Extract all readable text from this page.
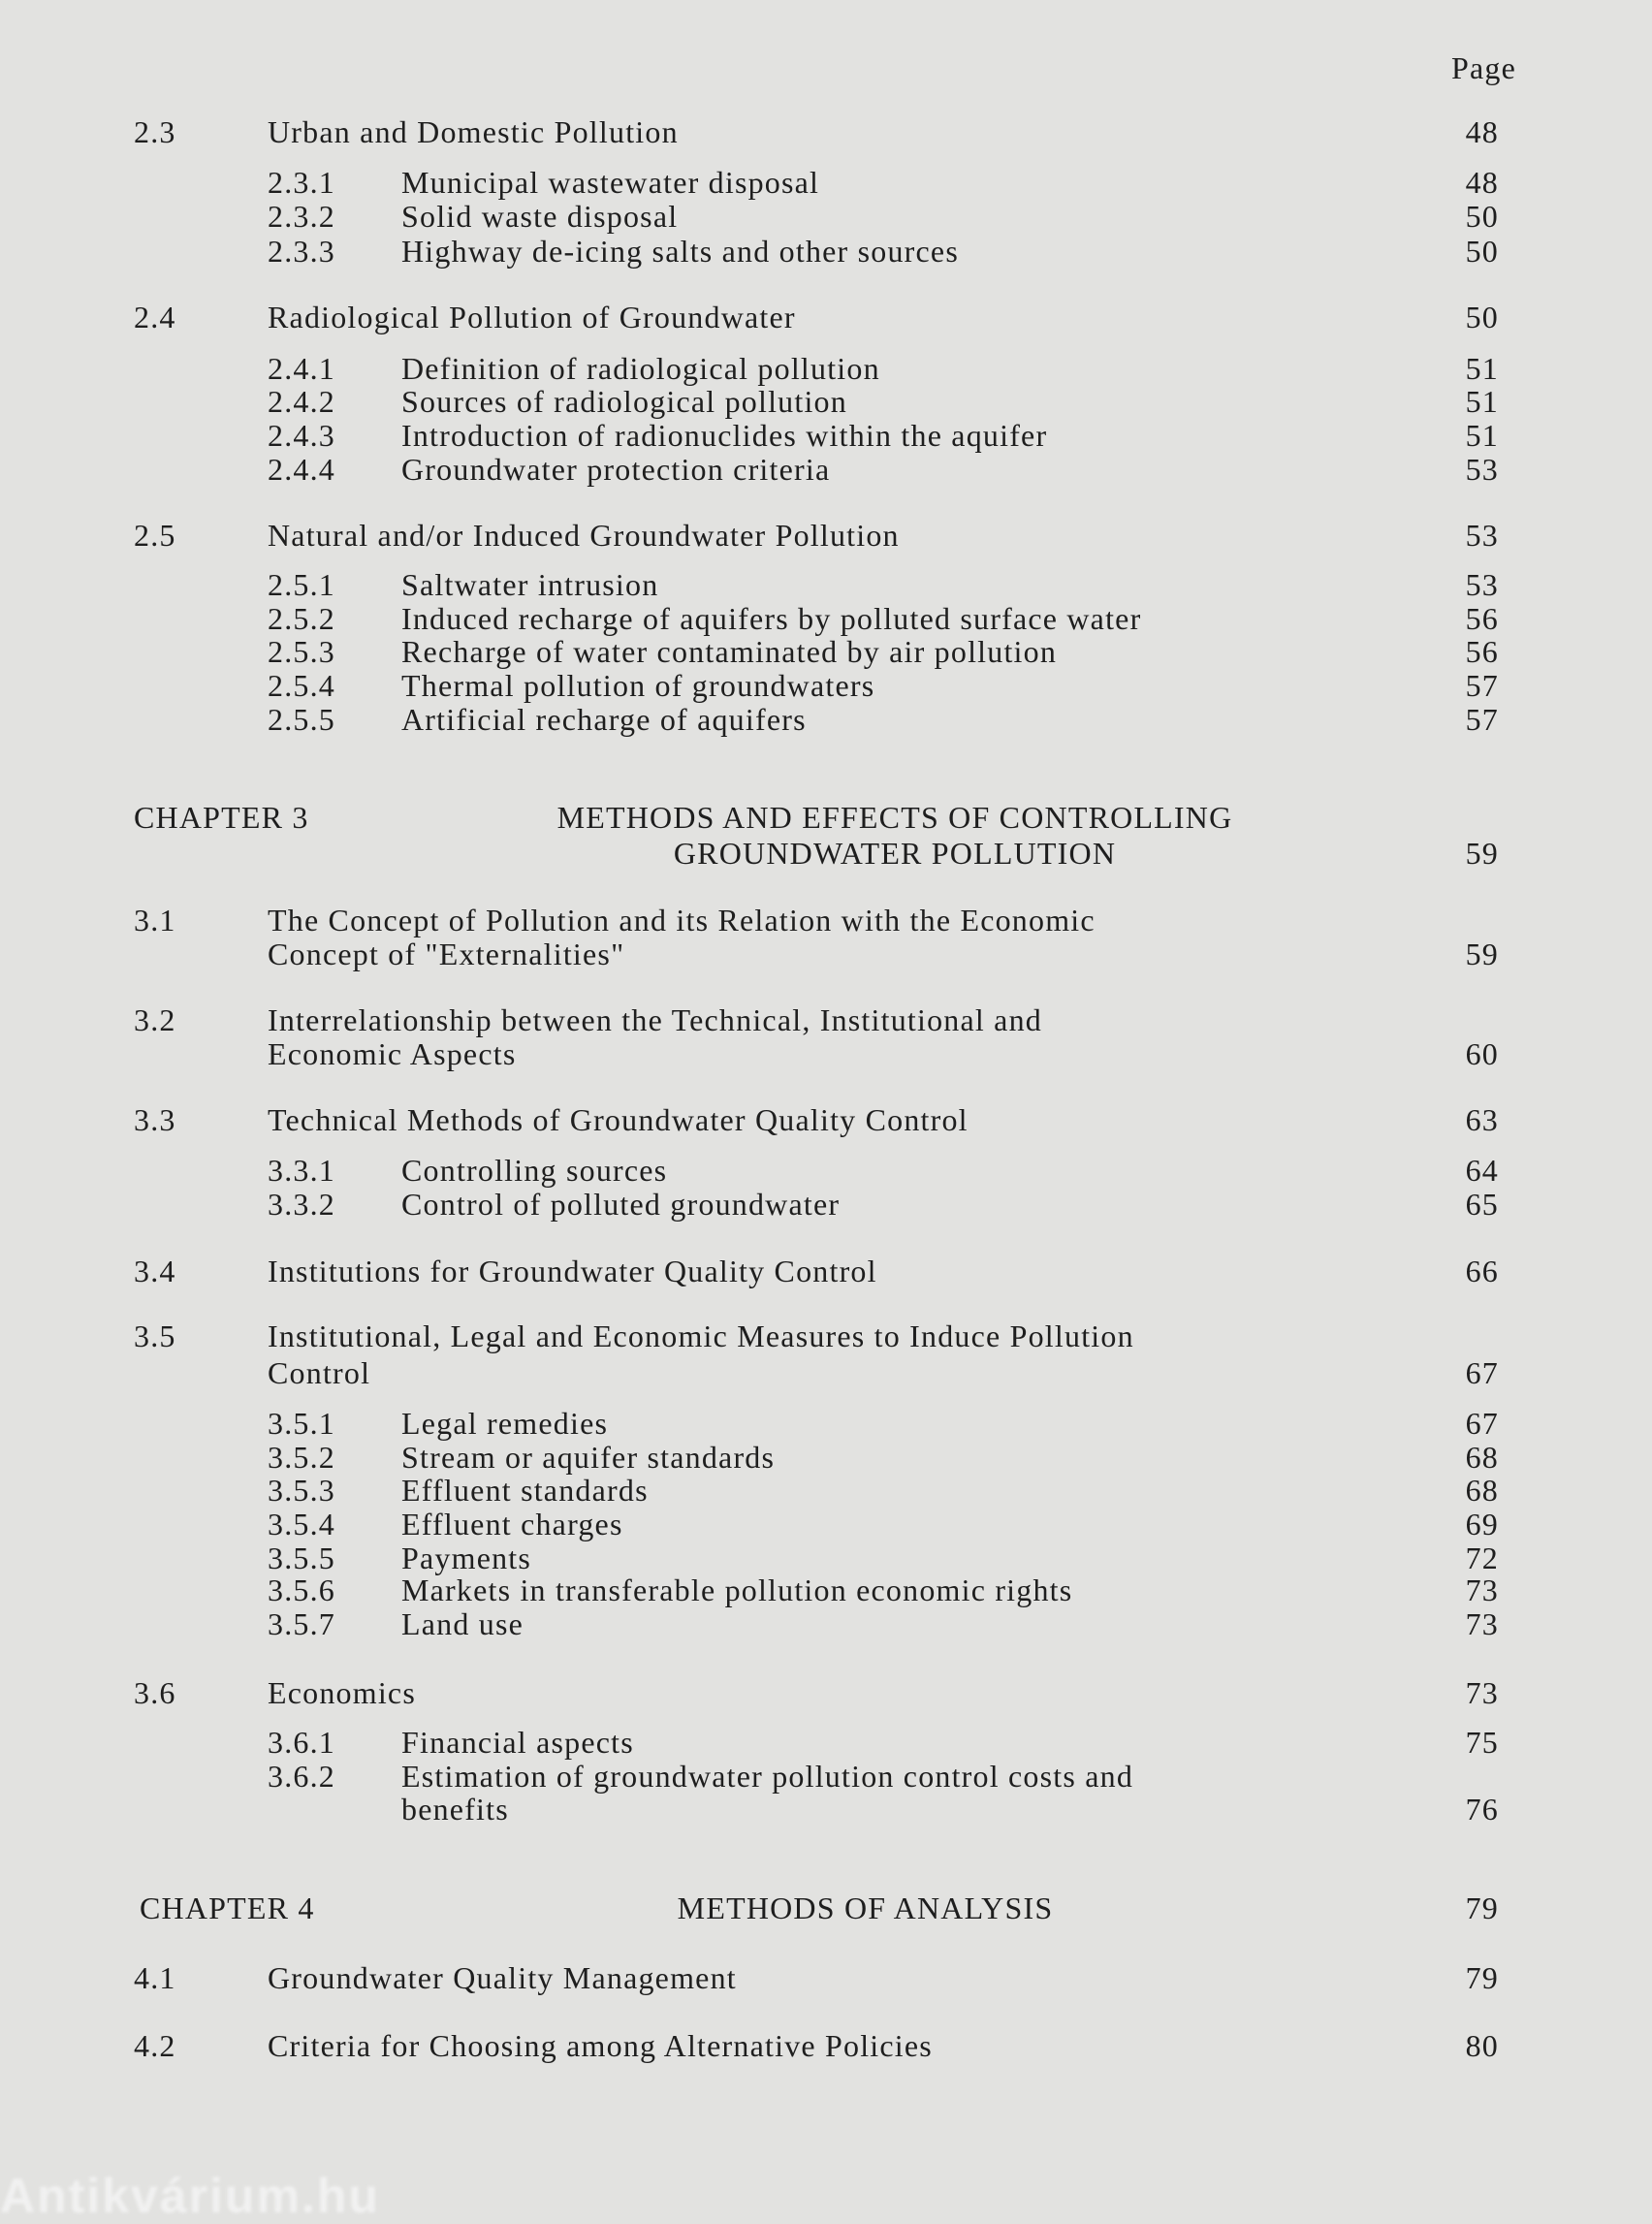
Page
2.3	Urban and Domestic Pollution	48
2.3.1 Municipal wastewater disposal	48
2.3.2 Solid waste disposal	50
2.3.3 Highway de-icing salts and other sources	50
2.4	Radiological Pollution of Groundwater	50
2.4.1 Definition of radiological pollution	51
2.4.2 Sources of radiological pollution	51
2.4.3 Introduction of radionuclides within the aquifer	51
2.4.4 Groundwater protection criteria	53
2.5	Natural and/or Induced Groundwater Pollution	53
2.5.1 Saltwater intrusion	53
2.5.2 Induced recharge of aquifers by polluted surface water	56
2.5.3 Recharge of water contaminated by air pollution	56
2.5.4 Thermal pollution of groundwaters	57
2.5.5 Artificial recharge of aquifers	57
CHAPTER 3	METHODS AND EFFECTS OF CONTROLLING
GROUNDWATER POLLUTION	59
3.1	The Concept of Pollution and its Relation with the Economic
Concept of "Externalities"	59
3.2	Interrelationship between the Technical, Institutional and
Economic Aspects	60
3.3	Technical Methods of Groundwater Quality Control	63
3.3.1 Controlling sources	64
3.3.2 Control of polluted groundwater	65
3.4	Institutions for Groundwater Quality Control	66
3.5	Institutional, Legal and Economic Measures to Induce Pollution
Control	67
3.5.1 Legal remedies	67
3.5.2 Stream or aquifer standards	68
3.5.3 Effluent standards	68
3.5.4 Effluent charges	69
3.5.5 Payments	72
3.5.6 Markets in transferable pollution economic rights	73
3.5.7 Land use	73
3.6	Economics	73
3.6.1 Financial aspects	75
3.6.2 Estimation of groundwater pollution control costs and
benefits	76
CHAPTER 4	METHODS OF ANALYSIS	79
4.1	Groundwater Quality Management	79
4.2	Criteria for Choosing among Alternative Policies	80
Antikvárium.hu
